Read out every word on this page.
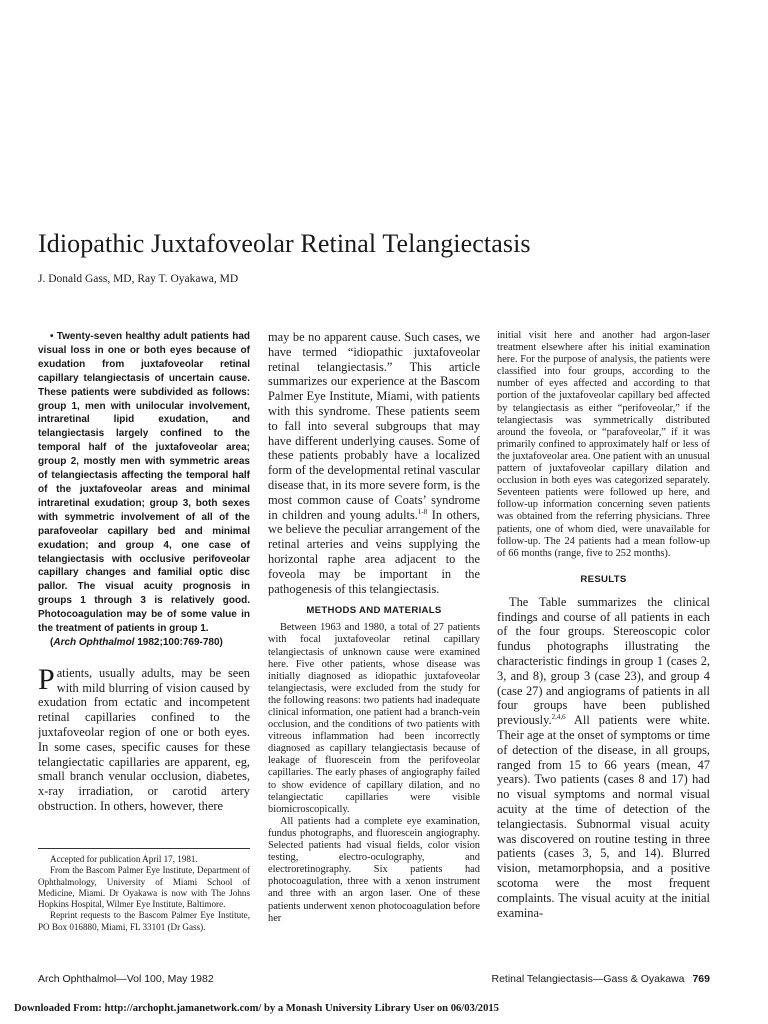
Idiopathic Juxtafoveolar Retinal Telangiectasis
J. Donald Gass, MD, Ray T. Oyakawa, MD

• Twenty-seven healthy adult patients had visual loss in one or both eyes because of exudation from juxtafoveolar retinal capillary telangiectasis of uncertain cause. These patients were subdivided as follows: group 1, men with unilocular involvement, intraretinal lipid exudation, and telangiectasis largely confined to the temporal half of the juxtafoveolar area; group 2, mostly men with symmetric areas of telangiectasis affecting the temporal half of the juxtafoveolar areas and minimal intraretinal exudation; group 3, both sexes with symmetric involvement of all of the parafoveolar capillary bed and minimal exudation; and group 4, one case of telangiectasis with occlusive perifoveolar capillary changes and familial optic disc pallor. The visual acuity prognosis in groups 1 through 3 is relatively good. Photocoagulation may be of some value in the treatment of patients in group 1.

(Arch Ophthalmol 1982;100:769-780)

Patients, usually adults, may be seen with mild blurring of vision caused by exudation from ectatic and incompetent retinal capillaries confined to the juxtafoveolar region of one or both eyes. In some cases, specific causes for these telangiectatic capillaries are apparent, eg, small branch venular occlusion, diabetes, x-ray irradiation, or carotid artery obstruction. In others, however, there

Accepted for publication April 17, 1981.

From the Bascom Palmer Eye Institute, Department of Ophthalmology, University of Miami School of Medicine, Miami. Dr Oyakawa is now with The Johns Hopkins Hospital, Wilmer Eye Institute, Baltimore.

Reprint requests to the Bascom Palmer Eye Institute, PO Box 016880, Miami, FL 33101 (Dr Gass).

may be no apparent cause. Such cases, we have termed “idiopathic juxtafoveolar retinal telangiectasis.” This article summarizes our experience at the Bascom Palmer Eye Institute, Miami, with patients with this syndrome. These patients seem to fall into several subgroups that may have different underlying causes. Some of these patients probably have a localized form of the developmental retinal vascular disease that, in its more severe form, is the most common cause of Coats’ syndrome in children and young adults.$^{1-8}$ In others, we believe the peculiar arrangement of the retinal arteries and veins supplying the horizontal raphe area adjacent to the foveola may be important in the pathogenesis of this telangiectasis.

METHODS AND MATERIALS

Between 1963 and 1980, a total of 27 patients with focal juxtafoveolar retinal capillary telangiectasis of unknown cause were examined here. Five other patients, whose disease was initially diagnosed as idiopathic juxtafoveolar telangiectasis, were excluded from the study for the following reasons: two patients had inadequate clinical information, one patient had a branch-vein occlusion, and the conditions of two patients with vitreous inflammation had been incorrectly diagnosed as capillary telangiectasis because of leakage of fluorescein from the perifoveolar capillaries. The early phases of angiography failed to show evidence of capillary dilation, and no telangiectatic capillaries were visible biomicroscopically.

All patients had a complete eye examination, fundus photographs, and fluorescein angiography. Selected patients had visual fields, color vision testing, electro-oculography, and electroretinography. Six patients had photocoagulation, three with a xenon instrument and three with an argon laser. One of these patients underwent xenon photocoagulation before her

initial visit here and another had argon-laser treatment elsewhere after his initial examination here. For the purpose of analysis, the patients were classified into four groups, according to the number of eyes affected and according to that portion of the juxtafoveolar capillary bed affected by telangiectasis as either “perifoveolar,” if the telangiectasis was symmetrically distributed around the foveola, or “parafoveolar,” if it was primarily confined to approximately half or less of the juxtafoveolar area. One patient with an unusual pattern of juxtafoveolar capillary dilation and occlusion in both eyes was categorized separately. Seventeen patients were followed up here, and follow-up information concerning seven patients was obtained from the referring physicians. Three patients, one of whom died, were unavailable for follow-up. The 24 patients had a mean follow-up of 66 months (range, five to 252 months).

RESULTS

The Table summarizes the clinical findings and course of all patients in each of the four groups. Stereoscopic color fundus photographs illustrating the characteristic findings in group 1 (cases 2, 3, and 8), group 3 (case 23), and group 4 (case 27) and angiograms of patients in all four groups have been published previously.$^{2,4,6}$ All patients were white. Their age at the onset of symptoms or time of detection of the disease, in all groups, ranged from 15 to 66 years (mean, 47 years). Two patients (cases 8 and 17) had no visual symptoms and normal visual acuity at the time of detection of the telangiectasis. Subnormal visual acuity was discovered on routine testing in three patients (cases 3, 5, and 14). Blurred vision, metamorphopsia, and a positive scotoma were the most frequent complaints. The visual acuity at the initial examina-

Arch Ophthalmol—Vol 100, May 1982	Retinal Telangiectasis—Gass & Oyakawa 769
Downloaded From: http://archopht.jamanetwork.com/ by a Monash University Library User on 06/03/2015
